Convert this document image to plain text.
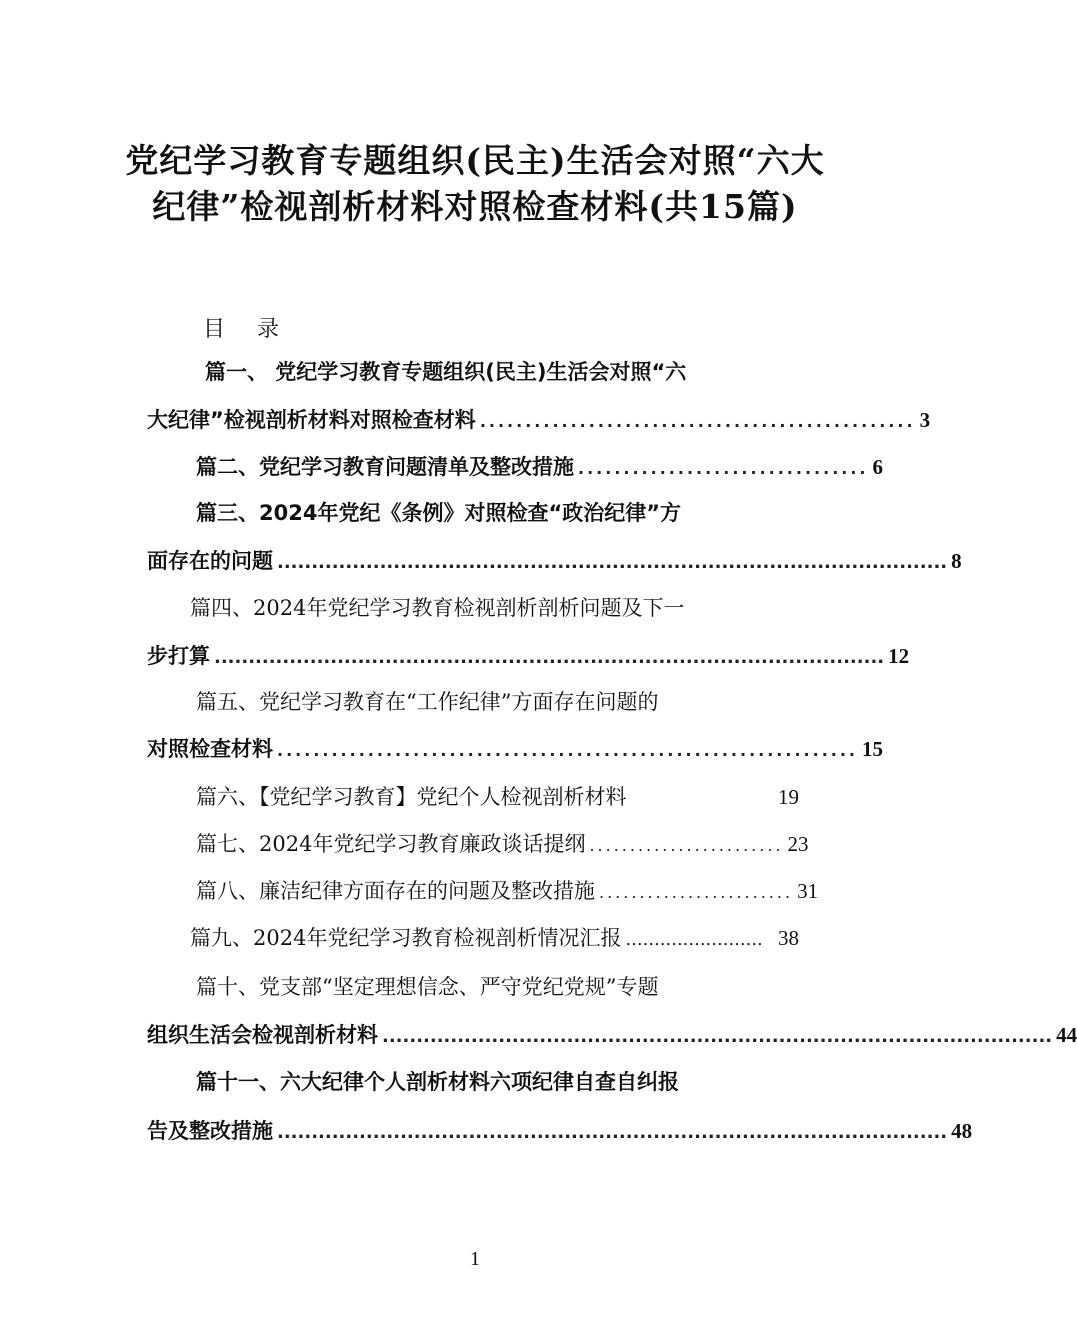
党纪学习教育专题组织(民主)生活会对照“六大纪律”检视剖析材料对照检查材料(共15篇)
目 录
篇一、 党纪学习教育专题组织(民主)生活会对照“六
大纪律”检视剖析材料对照检查材料 ................................................ 3
篇二、党纪学习教育问题清单及整改措施 ................................ 6
篇三、2024年党纪《条例》对照检查“政治纪律”方
面存在的问题 .................................................................................................. 8
篇四、2024年党纪学习教育检视剖析剖析问题及下一
步打算 .................................................................................................. 12
篇五、党纪学习教育在“工作纪律”方面存在问题的
对照检查材料 ................................................................ 15
篇六、【党纪学习教育】党纪个人检视剖析材料	19
篇七、2024年党纪学习教育廉政谈话提纲 ........................ 23
篇八、廉洁纪律方面存在的问题及整改措施 ........................ 31
篇九、2024年党纪学习教育检视剖析情况汇报 ........................ 38
篇十、党支部“坚定理想信念、严守党纪党规”专题
组织生活会检视剖析材料 .................................................................................................. 44
篇十一、六大纪律个人剖析材料六项纪律自查自纠报
告及整改措施 .................................................................................................. 48
1
